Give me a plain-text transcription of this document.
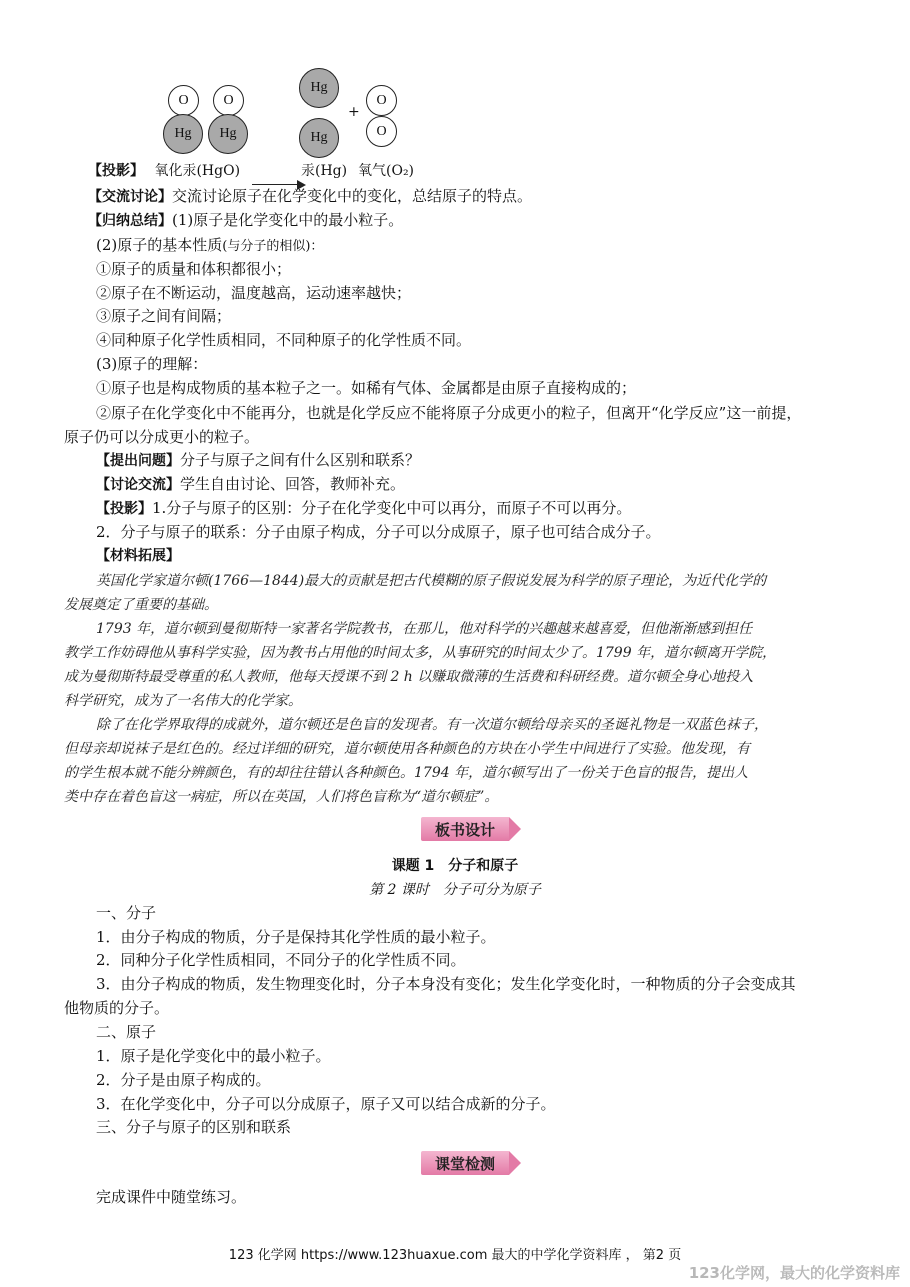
O
Hg
O
Hg
Hg
Hg
+
O
O
【投影】 氧化汞(HgO)	汞(Hg) 氧气(O₂)
【交流讨论】交流讨论原子在化学变化中的变化，总结原子的特点。
【归纳总结】(1)原子是化学变化中的最小粒子。
(2)原子的基本性质(与分子的相似)：
①原子的质量和体积都很小；
②原子在不断运动，温度越高，运动速率越快；
③原子之间有间隔；
④同种原子化学性质相同，不同种原子的化学性质不同。
(3)原子的理解：
①原子也是构成物质的基本粒子之一。如稀有气体、金属都是由原子直接构成的；
②原子在化学变化中不能再分，也就是化学反应不能将原子分成更小的粒子，但离开“化学反应”这一前提，
原子仍可以分成更小的粒子。
【提出问题】分子与原子之间有什么区别和联系？
【讨论交流】学生自由讨论、回答，教师补充。
【投影】1.分子与原子的区别：分子在化学变化中可以再分，而原子不可以再分。
2．分子与原子的联系：分子由原子构成，分子可以分成原子，原子也可结合成分子。
【材料拓展】
英国化学家道尔顿(1766—1844)最大的贡献是把古代模糊的原子假说发展为科学的原子理论，为近代化学的
发展奠定了重要的基础。
1793 年，道尔顿到曼彻斯特一家著名学院教书，在那儿，他对科学的兴趣越来越喜爱，但他渐渐感到担任
教学工作妨碍他从事科学实验，因为教书占用他的时间太多，从事研究的时间太少了。1799 年，道尔顿离开学院，
成为曼彻斯特最受尊重的私人教师，他每天授课不到 2 h 以赚取微薄的生活费和科研经费。道尔顿全身心地投入
科学研究，成为了一名伟大的化学家。
除了在化学界取得的成就外，道尔顿还是色盲的发现者。有一次道尔顿给母亲买的圣诞礼物是一双蓝色袜子，
但母亲却说袜子是红色的。经过详细的研究，道尔顿使用各种颜色的方块在小学生中间进行了实验。他发现，有
的学生根本就不能分辨颜色，有的却往往错认各种颜色。1794 年，道尔顿写出了一份关于色盲的报告，提出人
类中存在着色盲这一病症，所以在英国，人们将色盲称为“道尔顿症”。
板书设计
课题 1　分子和原子
第 2 课时　分子可分为原子
一、分子
1．由分子构成的物质，分子是保持其化学性质的最小粒子。
2．同种分子化学性质相同，不同分子的化学性质不同。
3．由分子构成的物质，发生物理变化时，分子本身没有变化；发生化学变化时，一种物质的分子会变成其
他物质的分子。
二、原子
1．原子是化学变化中的最小粒子。
2．分子是由原子构成的。
3．在化学变化中，分子可以分成原子，原子又可以结合成新的分子。
三、分子与原子的区别和联系
课堂检测
完成课件中随堂练习。
123 化学网 https://www.123huaxue.com 最大的中学化学资料库 ， 第2 页
123化学网，最大的化学资料库
